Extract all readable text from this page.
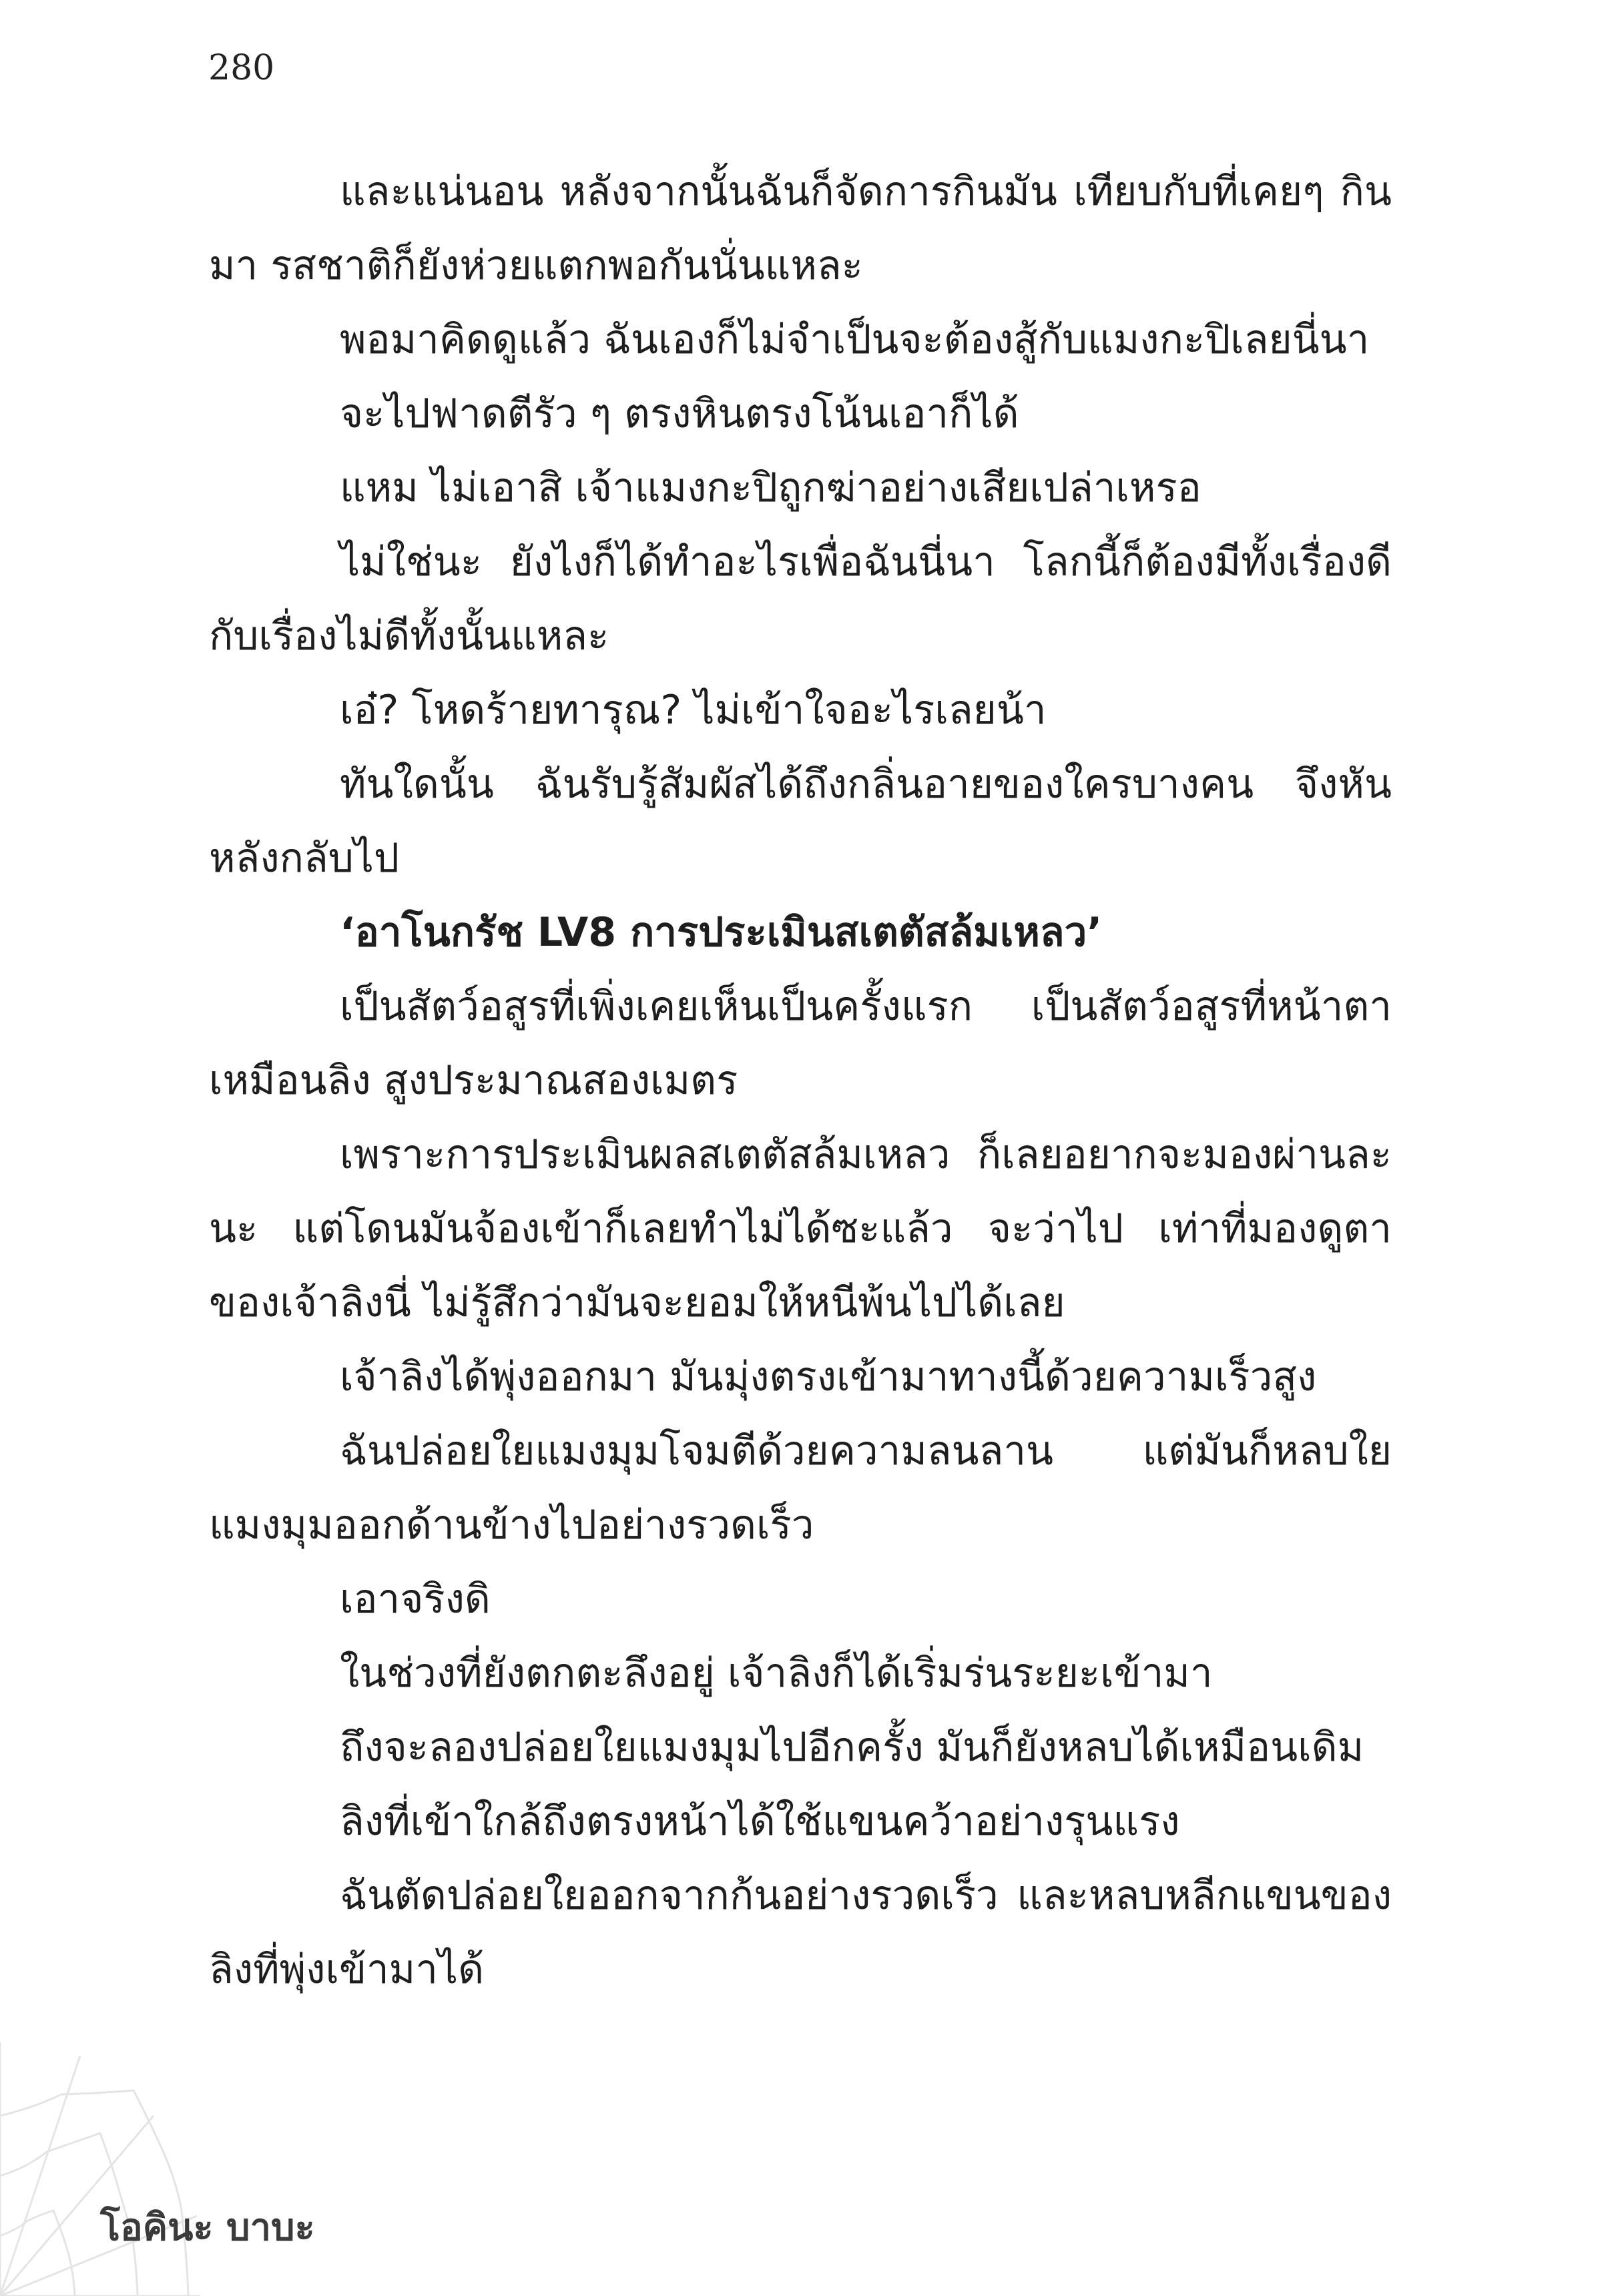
280

และแน่นอน หลังจากนั้นฉันก็จัดการกินมัน เทียบกับที่เคยๆ กินมา รสชาติก็ยังห่วยแตกพอกันนั่นแหละ

พอมาคิดดูแล้ว ฉันเองก็ไม่จำเป็นจะต้องสู้กับแมงกะปิเลยนี่นา

จะไปฟาดตีรัว ๆ ตรงหินตรงโน้นเอาก็ได้

แหม ไม่เอาสิ เจ้าแมงกะปิถูกฆ่าอย่างเสียเปล่าเหรอ

ไม่ใช่นะ ยังไงก็ได้ทำอะไรเพื่อฉันนี่นา โลกนี้ก็ต้องมีทั้งเรื่องดีกับเรื่องไม่ดีทั้งนั้นแหละ

เอ๋? โหดร้ายทารุณ? ไม่เข้าใจอะไรเลยน้า

ทันใดนั้น ฉันรับรู้สัมผัสได้ถึงกลิ่นอายของใครบางคน จึงหันหลังกลับไป

‘อาโนกรัช LV8 การประเมินสเตตัสล้มเหลว’

เป็นสัตว์อสูรที่เพิ่งเคยเห็นเป็นครั้งแรก เป็นสัตว์อสูรที่หน้าตาเหมือนลิง สูงประมาณสองเมตร

เพราะการประเมินผลสเตตัสล้มเหลว ก็เลยอยากจะมองผ่านละนะ แต่โดนมันจ้องเข้าก็เลยทำไม่ได้ซะแล้ว จะว่าไป เท่าที่มองดูตาของเจ้าลิงนี่ ไม่รู้สึกว่ามันจะยอมให้หนีพ้นไปได้เลย

เจ้าลิงได้พุ่งออกมา มันมุ่งตรงเข้ามาทางนี้ด้วยความเร็วสูง

ฉันปล่อยใยแมงมุมโจมตีด้วยความลนลาน แต่มันก็หลบใยแมงมุมออกด้านข้างไปอย่างรวดเร็ว

เอาจริงดิ

ในช่วงที่ยังตกตะลึงอยู่ เจ้าลิงก็ได้เริ่มร่นระยะเข้ามา

ถึงจะลองปล่อยใยแมงมุมไปอีกครั้ง มันก็ยังหลบได้เหมือนเดิม

ลิงที่เข้าใกล้ถึงตรงหน้าได้ใช้แขนคว้าอย่างรุนแรง

ฉันตัดปล่อยใยออกจากก้นอย่างรวดเร็ว และหลบหลีกแขนของลิงที่พุ่งเข้ามาได้

โอคินะ บาบะ
